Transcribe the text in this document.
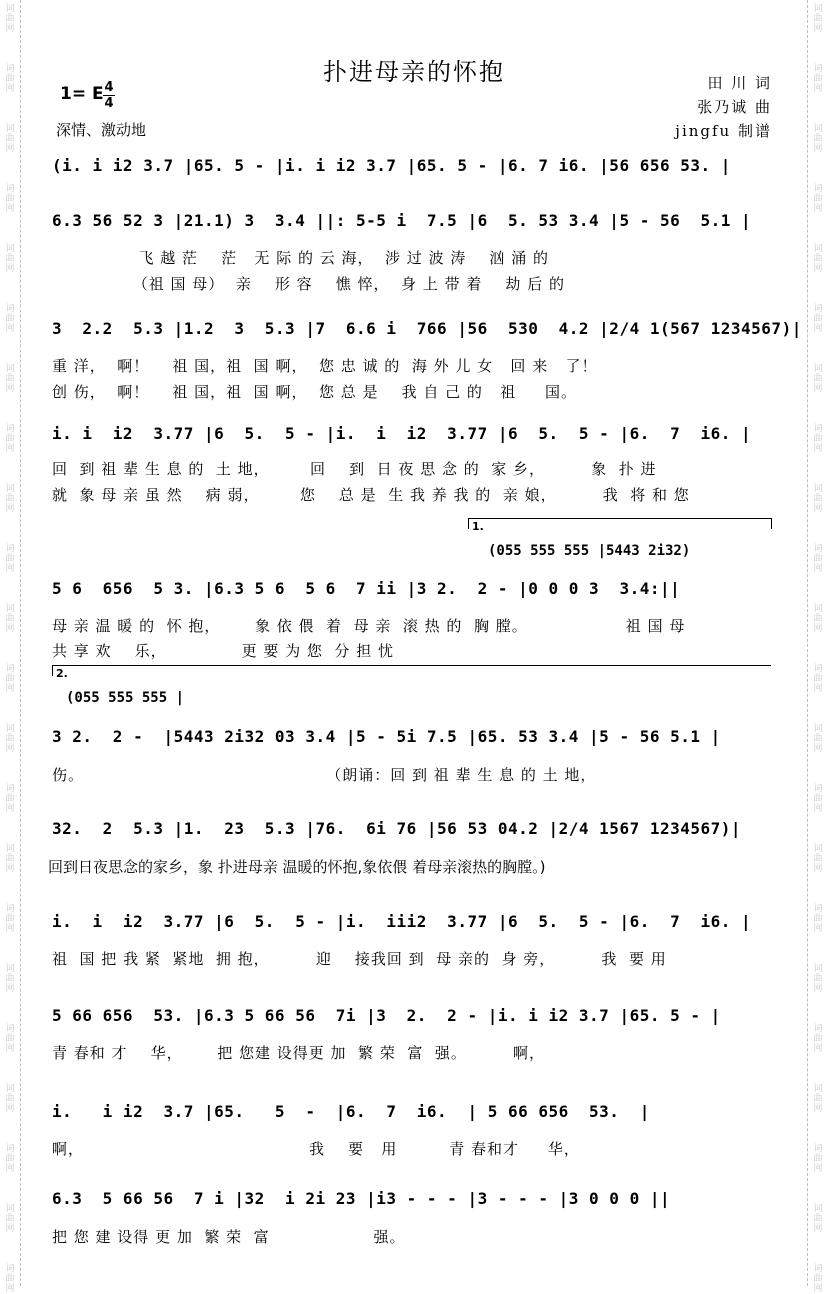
词
曲
网
词
曲
网
词
曲
网
词
曲
网
词
曲
网
词
曲
网
词
曲
网
词
曲
网
词
曲
网
词
曲
网
词
曲
网
词
曲
网
词
曲
网
词
曲
网
词
曲
网
词
曲
网
词
曲
网
词
曲
网
词
曲
网
词
曲
网
词
曲
网
词
曲
网
词
曲
网
词
曲
网
词
曲
网
词
曲
网
词
曲
网
词
曲
网
词
曲
网
词
曲
网
词
曲
网
词
曲
网
词
曲
网
词
曲
网
词
曲
网
词
曲
网
词
曲
网
词
曲
网
词
曲
网
词
曲
网
词
曲
网
词
曲
网
词
曲
网
词
曲
网
扑进母亲的怀抱
1= E 4
4
深情、激动地
田 川 词
张乃诚 曲
jingfu 制谱

(i. i i2 3.7 |65. 5 - |i. i i2 3.7 |65. 5 - |6. 7 i6. |56 656 53. |

6.3 56 52 3 |21.1) 3  3.4 ||: 5-5 i  7.5 |6  5. 53 3.4 |5 - 56  5.1 |

飞 越 茫    茫   无 际 的 云 海，  涉 过 波 涛    汹 涌 的
（祖 国 母）  亲    形 容    憔 悴，  身 上 带 着    劫 后 的

3  2.2  5.3 |1.2  3  5.3 |7  6.6 i  766 |56  530  4.2 |2/4 1(567 1234567)|

重 洋，  啊！    祖 国，祖  国 啊，  您 忠 诚 的  海 外 儿 女   回 来   了！
创 伤，  啊！    祖 国，祖  国 啊，  您 总 是    我 自 己 的   祖     国。

i. i  i2  3.77 |6  5.  5 - |i.  i  i2  3.77 |6  5.  5 - |6.  7  i6. |

回  到 祖 辈 生 息 的  土 地，       回    到  日 夜 思 念 的  家 乡，        象  扑 进
就  象 母 亲 虽 然    病 弱，       您    总 是  生 我 养 我 的  亲 娘，        我  将 和 您
1.
(055 555 555 |5443 2i32)

5 6  656  5 3. |6.3 5 6  5 6  7 ii |3 2.  2 - |0 0 0 3  3.4:||

母 亲 温 暖 的  怀 抱，      象 依 偎  着  母 亲  滚 热 的  胸 膛。                 祖 国 母
共 享 欢    乐，             更 要 为 您  分 担 忧
2.
(055 555 555 |

3 2.  2 -  |5443 2i32 03 3.4 |5 - 5i 7.5 |65. 53 3.4 |5 - 56 5.1 |

伤。                                          （朗诵：回 到 祖 辈 生 息 的 土 地，

32.  2  5.3 |1.  23  5.3 |76.  6i 76 |56 53 04.2 |2/4 1567 1234567)|

回到日夜思念的家乡，象 扑进母亲 温暖的怀抱,象依偎 着母亲滚热的胸膛。)

i.  i  i2  3.77 |6  5.  5 - |i.  iii2  3.77 |6  5.  5 - |6.  7  i6. |

祖  国 把 我 紧  紧地  拥 抱，        迎    接我回 到  母 亲的  身 旁，        我  要 用

5 66 656  53. |6.3 5 66 56  7i |3  2.  2 - |i. i i2 3.7 |65. 5 - |

青 春和 才    华，      把 您建 设得更 加  繁 荣  富  强。        啊，

i.   i i2  3.7 |65.   5  -  |6.  7  i6.  | 5 66 656  53.  |

啊，                                       我    要   用         青 春和才     华，

6.3  5 66 56  7 i |32  i 2i 23 |i3 - - - |3 - - - |3 0 0 0 ||

把 您 建 设得 更 加  繁 荣  富                  强。
